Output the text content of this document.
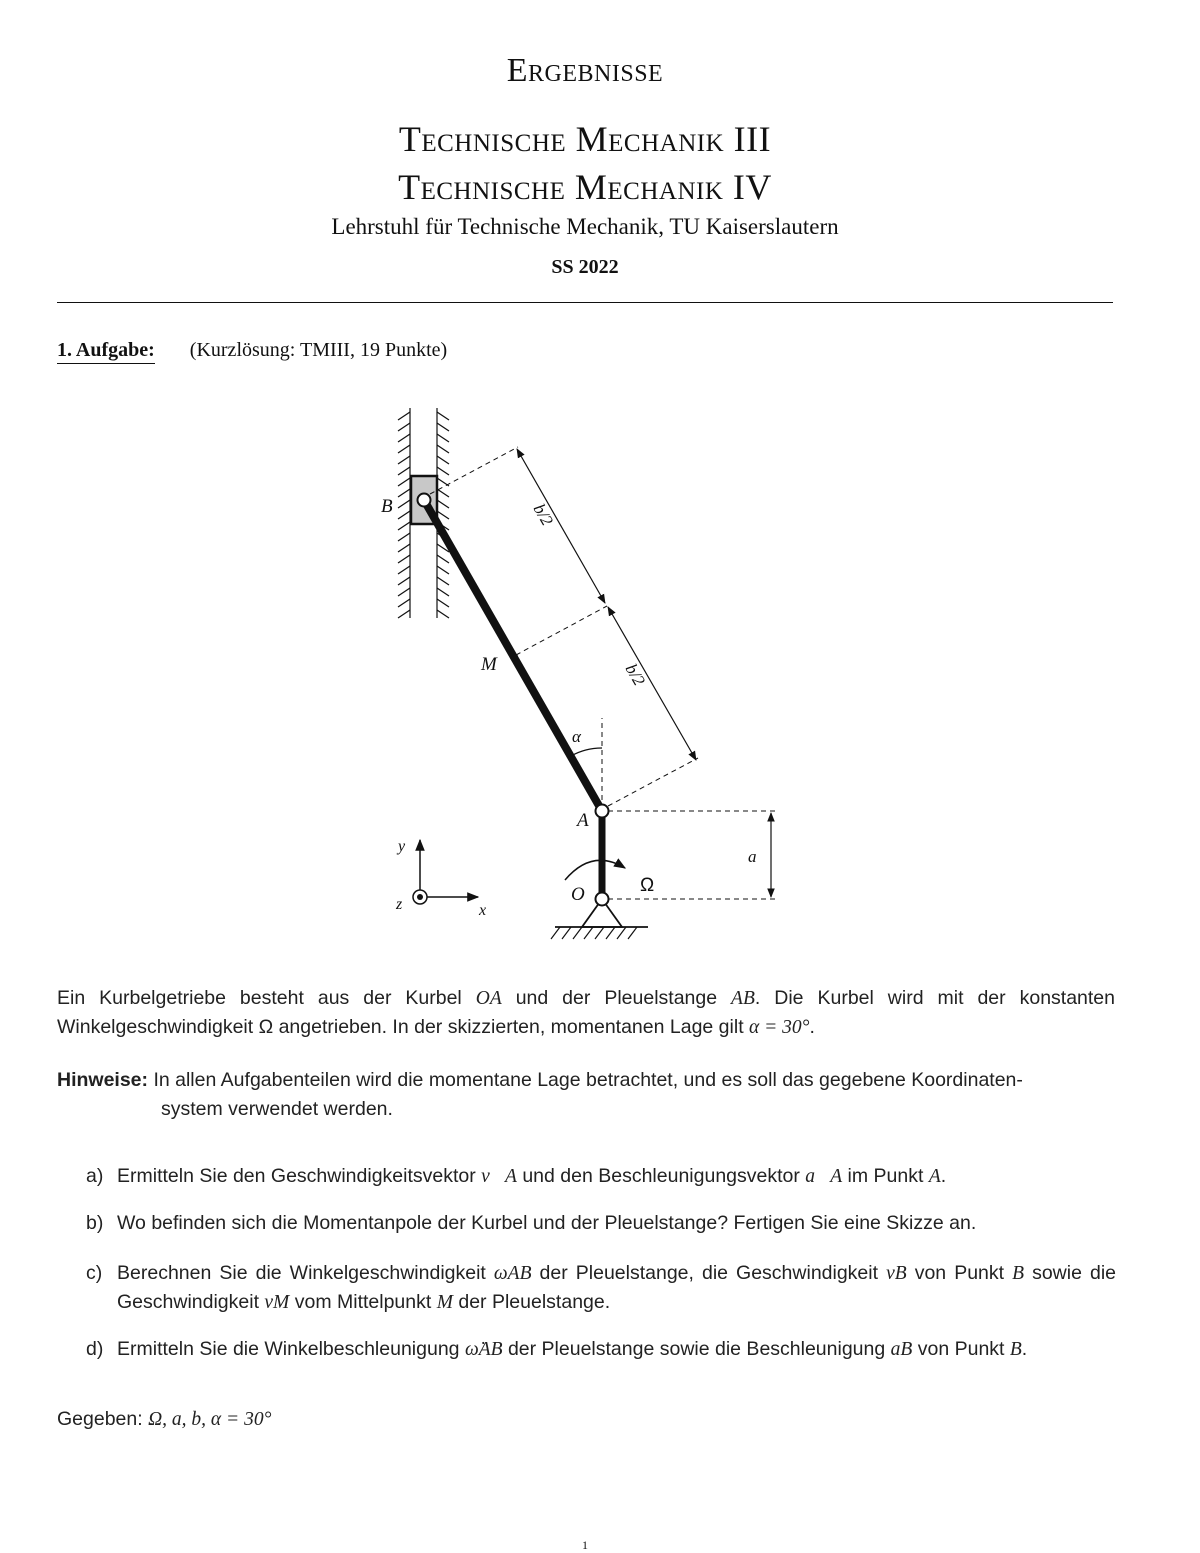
Ergebnisse
Technische Mechanik III
Technische Mechanik IV
Lehrstuhl für Technische Mechanik, TU Kaiserslautern
SS 2022
1. Aufgabe: (Kurzlösung: TMIII, 19 Punkte)
B
M
A
O
α
a
y
x
z
b/2
b/2
Ω
Ein Kurbelgetriebe besteht aus der Kurbel OA und der Pleuelstange AB. Die Kurbel wird mit der konstanten Winkelgeschwindigkeit Ω angetrieben. In der skizzierten, momentanen Lage gilt α = 30°.
Hinweise: In allen Aufgabenteilen wird die momentane Lage betrachtet, und es soll das gegebene Koordinaten-
system verwendet werden.
a) Ermitteln Sie den Geschwindigkeitsvektor v⃗A und den Beschleunigungsvektor a⃗A im Punkt A.
b) Wo befinden sich die Momentanpole der Kurbel und der Pleuelstange? Fertigen Sie eine Skizze an.
c) Berechnen Sie die Winkelgeschwindigkeit ωAB der Pleuelstange, die Geschwindigkeit vB von Punkt B sowie die Geschwindigkeit vM vom Mittelpunkt M der Pleuelstange.
d) Ermitteln Sie die Winkelbeschleunigung ω̇AB der Pleuelstange sowie die Beschleunigung aB von Punkt B.
Gegeben: Ω, a, b, α = 30°
1
